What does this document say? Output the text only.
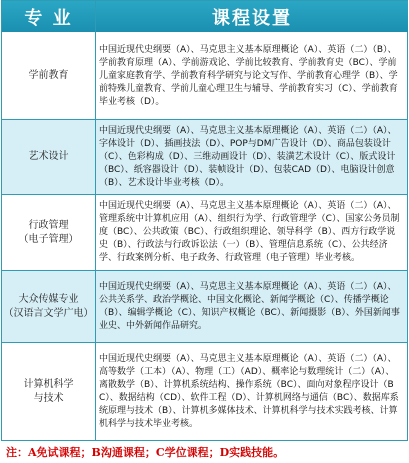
专 业	课程设置
学前教育
中国近现代史纲要（A）、马克思主义基本原理概论（A）、英语（二）（B）、学前教育原理（A）、学前游戏论、学前比较教育、学前教育史（BC）、学前儿童家庭教育学、学前教育科学研究与论文写作、学前教育心理学（B）、学前特殊儿童教育、学前儿童心理卫生与辅导、学前教育实习（C）、学前教育毕业考核（D）。
艺术设计
中国近现代史纲要（A）、马克思主义基本原理概论（A）、英语（二）（A）、字体设计（D）、插画技法（D）、POP与DM广告设计（D）、商品包装设计（C）、色彩构成（D）、三维动画设计（D）、装潢艺术设计（C）、版式设计（BC）、纸容器设计（D）、装帧设计（D）、包装CAD（D）、电脑设计创意（B）、艺术设计毕业考核（D）。
行政管理
（电子管理）
中国近现代史纲要（A）、马克思主义基本原理概论（A）、英语（二）（A）、管理系统中计算机应用（A）、组织行为学、行政管理学（C）、国家公务员制度（BC）、公共政策（BC）、行政组织理论、领导科学（B）、西方行政学说史（B）、行政法与行政诉讼法（一）（B）、管理信息系统（C）、公共经济学、行政案例分析、电子政务、行政管理（电子管理）毕业考核。
大众传媒专业
（汉语言文学广电）
中国近现代史纲要（A）、马克思主义基本原理概论（A）、英语（二）（A）、公共关系学、政治学概论、中国文化概论、新闻学概论（C）、传播学概论（B）、编辑学概论（C）、知识产权概论（BC）、新闻摄影（B）、外国新闻事业史、中外新闻作品研究。
计算机科学
与技术
中国近现代史纲要（A）、马克思主义基本原理概论（A）、英语（二）（A）、高等数学（工本）（A）、物理（工）（AD）、概率论与数理统计（二）（A）、离散数学（B）、计算机系统结构、操作系统（BC）、面向对象程序设计（BC）、数据结构（CD）、软件工程（D）、计算机网络与通信（BC）、数据库系统原理与技术（B）、计算机多媒体技术、计算机科学与技术实践考核、计算机科学与技术毕业考核。
注：A免试课程；B沟通课程；C学位课程；D实践技能。
